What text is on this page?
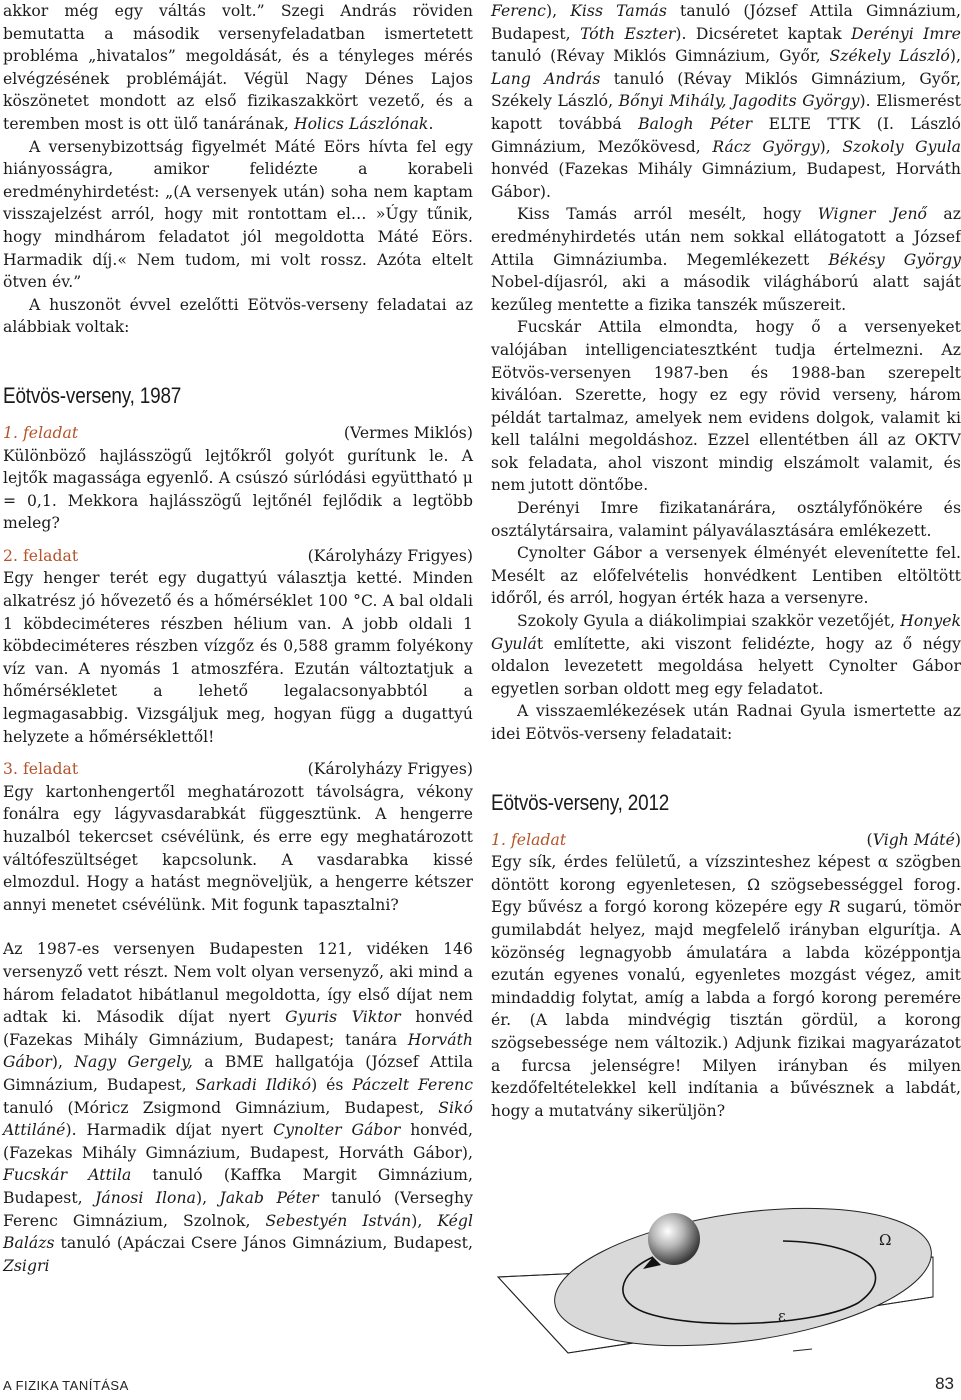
akkor még egy váltás volt.” Szegi András röviden bemutatta a második versenyfeladatban ismertetett probléma „hivatalos” megoldását, és a tényleges mérés elvégzésének problémáját. Végül Nagy Dénes Lajos köszönetet mondott az első fizikaszakkört vezető, és a teremben most is ott ülő tanárának, Holics Lászlónak.

A versenybizottság figyelmét Máté Eörs hívta fel egy hiányosságra, amikor felidézte a korabeli eredményhirdetést: „(A versenyek után) soha nem kaptam visszajelzést arról, hogy mit rontottam el… »Úgy tűnik, hogy mindhárom feladatot jól megoldotta Máté Eörs. Harmadik díj.« Nem tudom, mi volt rossz. Azóta eltelt ötven év.”

A huszonöt évvel ezelőtti Eötvös-verseny feladatai az alábbiak voltak:

Eötvös-verseny, 1987

1. feladat	(Vermes Miklós)

Különböző hajlásszögű lejtőkről golyót gurítunk le. A lejtők magassága egyenlő. A csúszó súrlódási együttható μ = 0,1. Mekkora hajlásszögű lejtőnél fejlődik a legtöbb meleg?

2. feladat	(Károlyházy Frigyes)

Egy henger terét egy dugattyú választja ketté. Minden alkatrész jó hővezető és a hőmérséklet 100 °C. A bal oldali 1 köbdeciméteres részben hélium van. A jobb oldali 1 köbdeciméteres részben vízgőz és 0,588 gramm folyékony víz van. A nyomás 1 atmoszféra. Ezután változtatjuk a hőmérsékletet a lehető legalacsonyabbtól a legmagasabbig. Vizsgáljuk meg, hogyan függ a dugattyú helyzete a hőmérséklettől!

3. feladat	(Károlyházy Frigyes)

Egy kartonhengertől meghatározott távolságra, vékony fonálra egy lágyvasdarabkát függesztünk. A hengerre huzalból tekercset csévélünk, és erre egy meghatározott váltófeszültséget kapcsolunk. A vasdarabka kissé elmozdul. Hogy a hatást megnöveljük, a hengerre kétszer annyi menetet csévélünk. Mit fogunk tapasztalni?

Az 1987-es versenyen Budapesten 121, vidéken 146 versenyző vett részt. Nem volt olyan versenyző, aki mind a három feladatot hibátlanul megoldotta, így első díjat nem adtak ki. Második díjat nyert Gyuris Viktor honvéd (Fazekas Mihály Gimnázium, Budapest; tanára Horváth Gábor), Nagy Gergely, a BME hallgatója (József Attila Gimnázium, Budapest, Sarkadi Ildikó) és Páczelt Ferenc tanuló (Móricz Zsigmond Gimnázium, Budapest, Sikó Attiláné). Harmadik díjat nyert Cynolter Gábor honvéd, (Fazekas Mihály Gimnázium, Budapest, Horváth Gábor), Fucskár Attila tanuló (Kaffka Margit Gimnázium, Budapest, Jánosi Ilona), Jakab Péter tanuló (Verseghy Ferenc Gimnázium, Szolnok, Sebestyén István), Kégl Balázs tanuló (Apáczai Csere János Gimnázium, Budapest, Zsigri

Ferenc), Kiss Tamás tanuló (József Attila Gimnázium, Budapest, Tóth Eszter). Dicséretet kaptak Derényi Imre tanuló (Révay Miklós Gimnázium, Győr, Székely László), Lang András tanuló (Révay Miklós Gimnázium, Győr, Székely László, Bőnyi Mihály, Jagodits György). Elismerést kapott továbbá Balogh Péter ELTE TTK (I. László Gimnázium, Mezőkövesd, Rácz György), Szokoly Gyula honvéd (Fazekas Mihály Gimnázium, Budapest, Horváth Gábor).

Kiss Tamás arról mesélt, hogy Wigner Jenő az eredményhirdetés után nem sokkal ellátogatott a József Attila Gimnáziumba. Megemlékezett Békésy György Nobel-díjasról, aki a második világháború alatt saját kezűleg mentette a fizika tanszék műszereit.

Fucskár Attila elmondta, hogy ő a versenyeket valójában intelligenciatesztként tudja értelmezni. Az Eötvös-versenyen 1987-ben és 1988-ban szerepelt kiválóan. Szerette, hogy ez egy rövid verseny, három példát tartalmaz, amelyek nem evidens dolgok, valamit ki kell találni megoldáshoz. Ezzel ellentétben áll az OKTV sok feladata, ahol viszont mindig elszámolt valamit, és nem jutott döntőbe.

Derényi Imre fizikatanárára, osztályfőnökére és osztálytársaira, valamint pályaválasztására emlékezett.

Cynolter Gábor a versenyek élményét elevenítette fel. Mesélt az előfelvételis honvédkent Lentiben eltöltött időről, és arról, hogyan érték haza a versenyre.

Szokoly Gyula a diákolimpiai szakkör vezetőjét, Honyek Gyulát említette, aki viszont felidézte, hogy az ő négy oldalon levezetett megoldása helyett Cynolter Gábor egyetlen sorban oldott meg egy feladatot.

A visszaemlékezések után Radnai Gyula ismertette az idei Eötvös-verseny feladatait:

Eötvös-verseny, 2012

1. feladat	(Vigh Máté)

Egy sík, érdes felületű, a vízszinteshez képest α szögben döntött korong egyenletesen, Ω szögsebességgel forog. Egy bűvész a forgó korong közepére egy R sugarú, tömör gumilabdát helyez, majd megfelelő irányban elgurítja. A közönség legnagyobb ámulatára a labda középpontja ezután egyenes vonalú, egyenletes mozgást végez, amit mindaddig folytat, amíg a labda a forgó korong peremére ér. (A labda mindvégig tisztán gördül, a korong szögsebessége nem változik.) Adjunk fizikai magyarázatot a furcsa jelenségre! Milyen irányban és milyen kezdőfeltételekkel kell indítania a bűvésznek a labdát, hogy a mutatvány sikerüljön?

Ω
ε
A FIZIKA TANÍTÁSA	83
